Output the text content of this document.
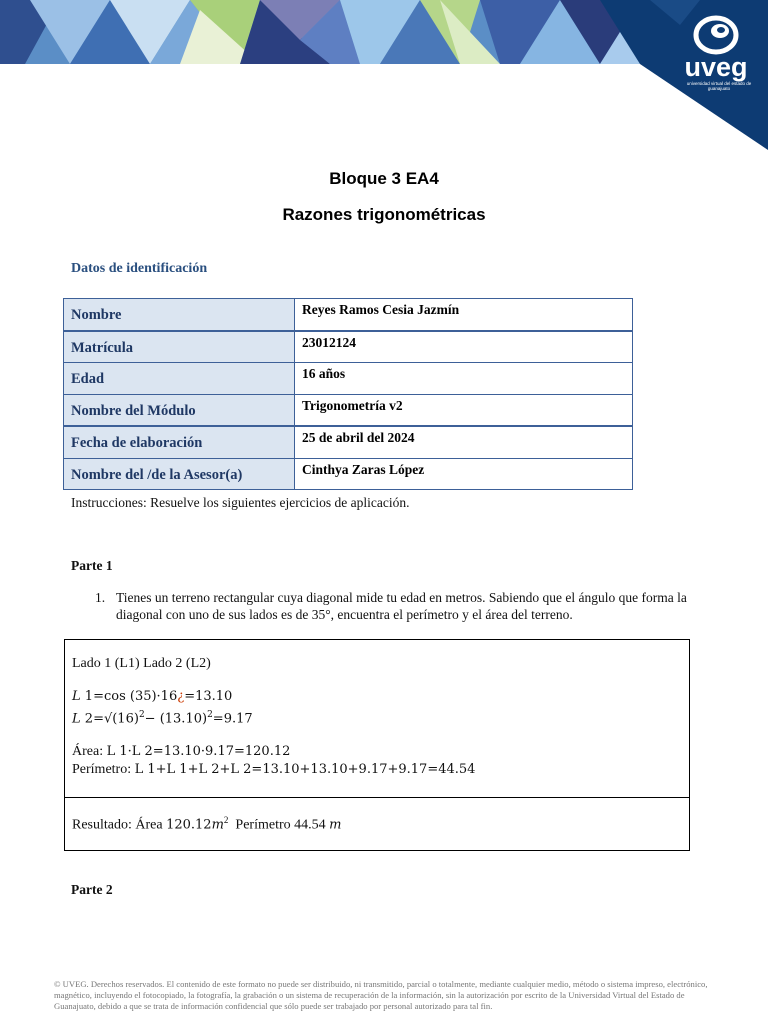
uveg
universidad virtual del estado de guanajuato
Bloque 3 EA4
Razones trigonométricas
Datos de identificación
Nombre	Reyes Ramos Cesia Jazmín
Matrícula	23012124
Edad	16 años
Nombre del Módulo	Trigonometría v2
Fecha de elaboración	25 de abril del 2024
Nombre del /de la Asesor(a)	Cinthya Zaras López
Instrucciones: Resuelve los siguientes ejercicios de aplicación.
Parte 1
1. Tienes un terreno rectangular cuya diagonal mide tu edad en metros. Sabiendo que el ángulo que forma la diagonal con uno de sus lados es de 35°, encuentra el perímetro y el área del terreno.
Lado 1 (L1) Lado 2 (L2)
L 1=cos (35)·16¿=13.10
L $2=√(16)^2- (13.10)^2=9.17$
Área: L 1·L 2=13.10·9.17=120.12
Perímetro: L 1+L 1+L 2+L 2=13.10+13.10+9.17+9.17=44.54
Resultado: Área $120.12m^2$ Perímetro 44.54 m
Parte 2
© UVEG. Derechos reservados. El contenido de este formato no puede ser distribuido, ni transmitido, parcial o totalmente, mediante cualquier medio, método o sistema impreso, electrónico, magnético, incluyendo el fotocopiado, la fotografía, la grabación o un sistema de recuperación de la información, sin la autorización por escrito de la Universidad Virtual del Estado de Guanajuato, debido a que se trata de información confidencial que sólo puede ser trabajado por personal autorizado para tal fin.
